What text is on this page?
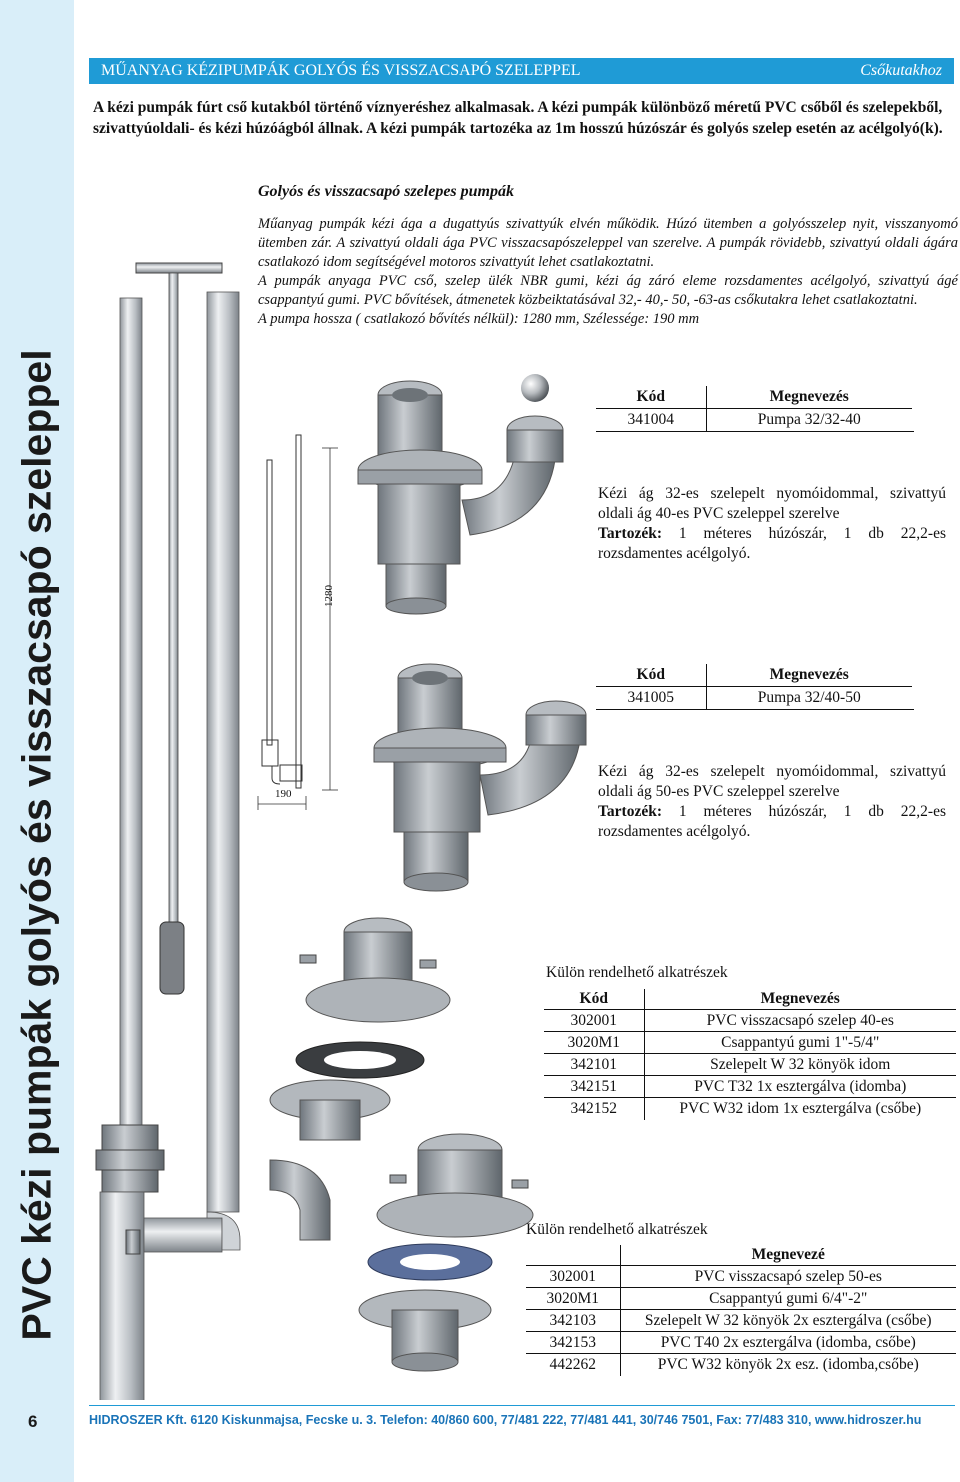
PVC kézi pumpák golyós és visszacsapó szeleppel
6
MŰANYAG KÉZIPUMPÁK GOLYÓS ÉS VISSZACSAPÓ SZELEPPEL	Csőkutakhoz
A kézi pumpák fúrt cső kutakból történő víznyeréshez alkalmasak. A kézi pumpák különböző méretű PVC csőből és szelepekből, szivattyúoldali- és kézi húzóágból állnak. A kézi pumpák tartozéka az 1m hosszú húzószár és golyós szelep esetén az acélgolyó(k).
Golyós és visszacsapó szelepes pumpák
Műanyag pumpák kézi ága a dugattyús szivattyúk elvén működik. Húzó ütemben a golyósszelep nyit, visszanyomó ütemben zár. A szivattyú oldali ága PVC visszacsapószeleppel van szerelve. A pumpák rövidebb, szivattyú oldali ágára csatlakozó idom segítségével motoros szivattyút lehet csatlakoztatni.
A pumpák anyaga PVC cső, szelep ülék NBR gumi, kézi ág záró eleme rozsdamentes acélgolyó, szivattyú ágé csappantyú gumi. PVC bővítések, átmenetek közbeiktatásával 32,- 40,- 50, -63-as csőkutakra lehet csatlakoztatni.
A pumpa hossza ( csatlakozó bővítés nélkül): 1280 mm, Szélessége: 190 mm
1280
190
Kód	Megnevezés
341004	Pumpa 32/32-40
Kézi ág 32-es szelepelt nyomóidommal, szivattyú oldali ág 40-es PVC szeleppel szerelve
Tartozék: 1 méteres húzószár, 1 db 22,2-es rozsdamentes acélgolyó.
Kód	Megnevezés
341005	Pumpa 32/40-50
Kézi ág 32-es szelepelt nyomóidommal, szivattyú oldali ág 50-es PVC szeleppel szerelve
Tartozék: 1 méteres húzószár, 1 db 22,2-es rozsdamentes acélgolyó.
Külön rendelhető alkatrészek
Kód	Megnevezés
302001	PVC visszacsapó szelep 40-es
3020M1	Csappantyú gumi 1"-5/4"
342101	Szelepelt W 32 könyök idom
342151	PVC T32 1x esztergálva (idomba)
342152	PVC W32 idom 1x esztergálva (csőbe)
Külön rendelhető alkatrészek
	Megnevezé
302001	PVC visszacsapó szelep 50-es
3020M1	Csappantyú gumi 6/4"-2"
342103	Szelepelt W 32 könyök 2x esztergálva (csőbe)
342153	PVC T40 2x esztergálva (idomba, csőbe)
442262	PVC W32 könyök 2x esz. (idomba,csőbe)
HIDROSZER Kft. 6120 Kiskunmajsa, Fecske u. 3. Telefon: 40/860 600, 77/481 222, 77/481 441, 30/746 7501, Fax: 77/483 310, www.hidroszer.hu
